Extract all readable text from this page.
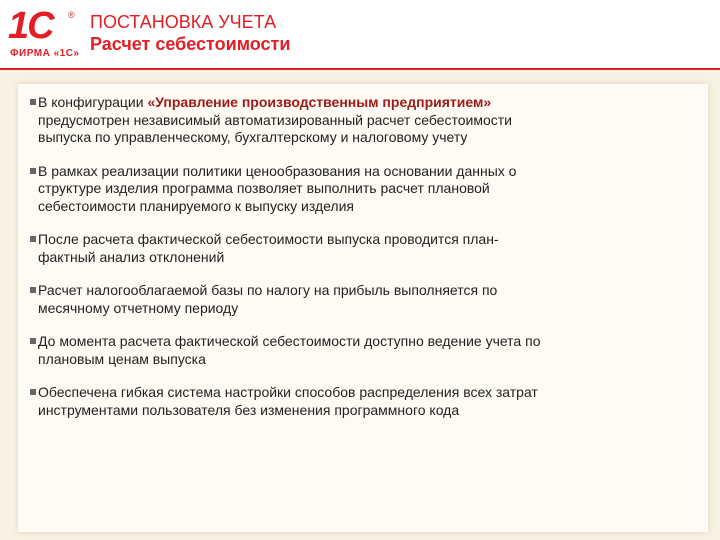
1С	®
ФИРМА «1С»
ПОСТАНОВКА УЧЕТА
Расчет себестоимости
В конфигурации «Управление производственным предприятием» предусмотрен независимый автоматизированный расчет себестоимости выпуска по управленческому, бухгалтерскому и налоговому учету
В рамках реализации политики ценообразования на основании данных о структуре изделия программа позволяет выполнить расчет плановой себестоимости планируемого к выпуску изделия
После расчета фактической себестоимости выпуска проводится план-фактный анализ отклонений
Расчет налогооблагаемой базы по налогу на прибыль выполняется по месячному отчетному периоду
До момента расчета фактической себестоимости доступно ведение учета по плановым ценам выпуска
Обеспечена гибкая система настройки способов распределения всех затрат инструментами пользователя без изменения программного кода
